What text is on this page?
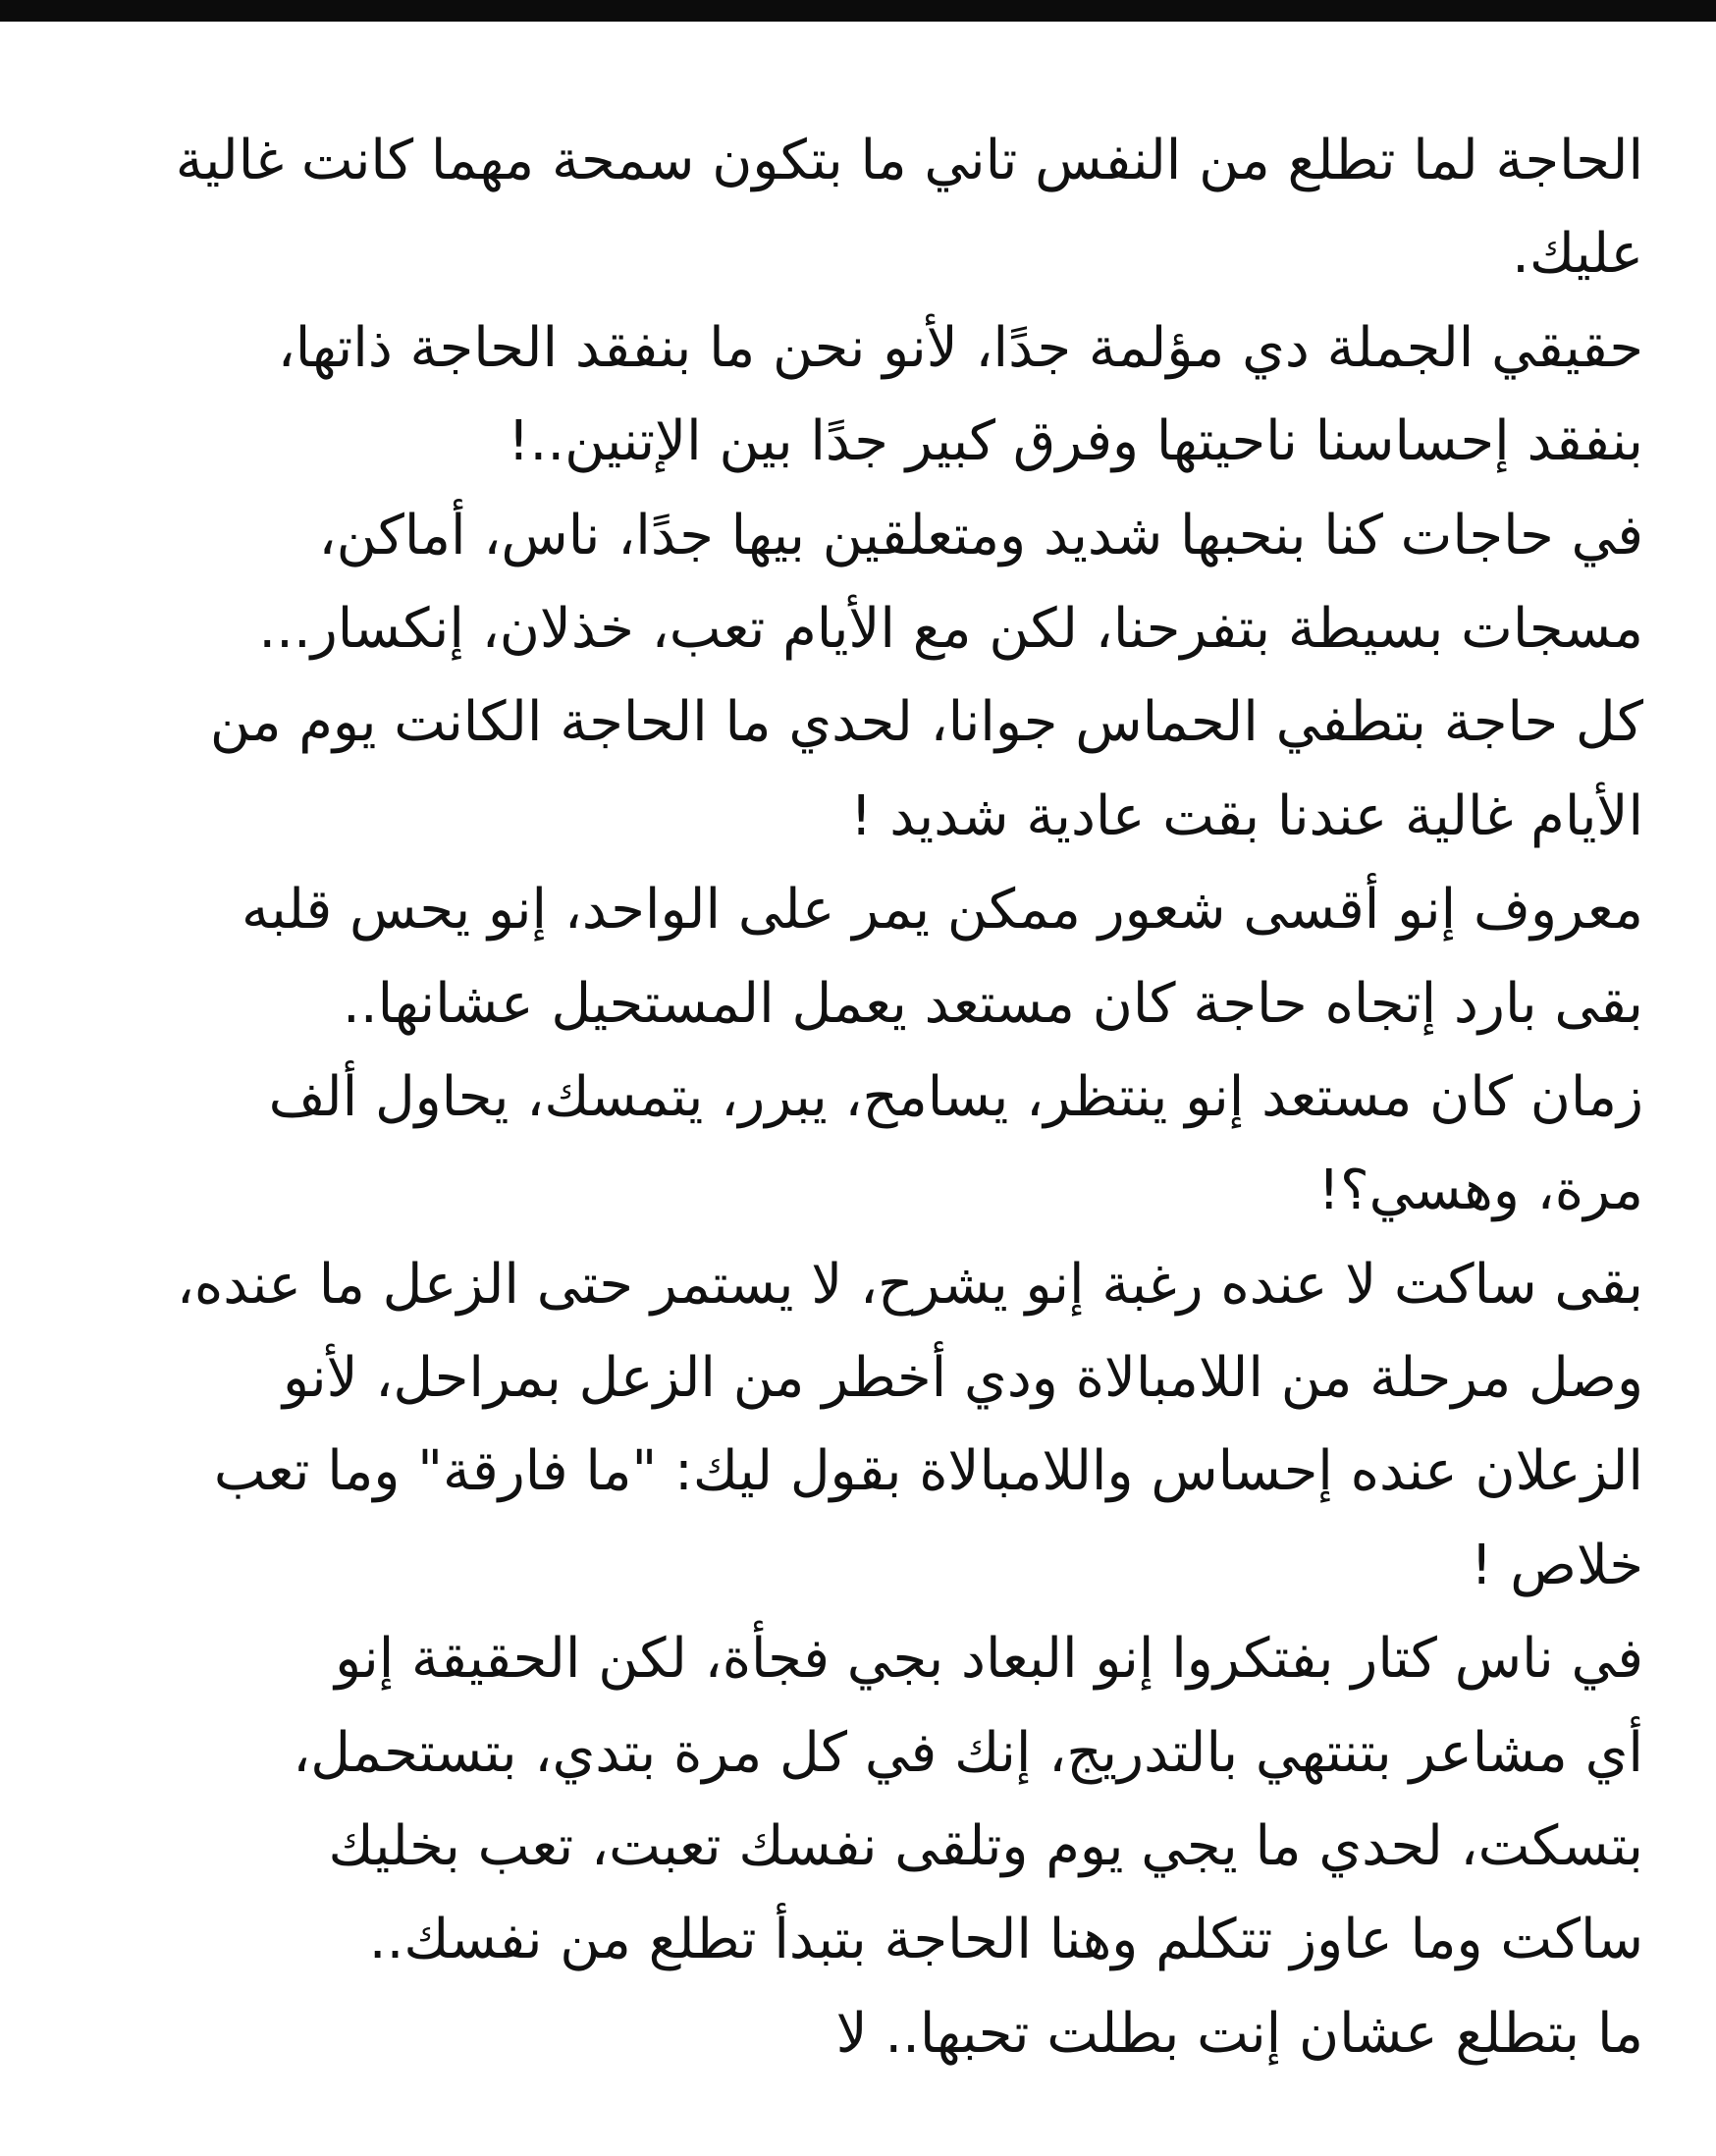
الحاجة لما تطلع من النفس تاني ما بتكون سمحة مهما كانت غالية
عليك.
حقيقي الجملة دي مؤلمة جدًا، لأنو نحن ما بنفقد الحاجة ذاتها،
بنفقد إحساسنا ناحيتها وفرق كبير جدًا بين الإتنين..!
في حاجات كنا بنحبها شديد ومتعلقين بيها جدًا، ناس، أماكن،
مسجات بسيطة بتفرحنا، لكن مع الأيام تعب، خذلان، إنكسار...
كل حاجة بتطفي الحماس جوانا، لحدي ما الحاجة الكانت يوم من
الأيام غالية عندنا بقت عادية شديد !
معروف إنو أقسى شعور ممكن يمر على الواحد، إنو يحس قلبه
بقى بارد إتجاه حاجة كان مستعد يعمل المستحيل عشانها..
زمان كان مستعد إنو ينتظر، يسامح، يبرر، يتمسك، يحاول ألف
مرة، وهسي؟!
بقى ساكت لا عنده رغبة إنو يشرح، لا يستمر حتى الزعل ما عنده،
وصل مرحلة من اللامبالاة ودي أخطر من الزعل بمراحل، لأنو
الزعلان عنده إحساس واللامبالاة بقول ليك: "ما فارقة" وما تعب
خلاص !
في ناس كتار بفتكروا إنو البعاد بجي فجأة، لكن الحقيقة إنو
أي مشاعر بتنتهي بالتدريج، إنك في كل مرة بتدي، بتستحمل،
بتسكت، لحدي ما يجي يوم وتلقى نفسك تعبت، تعب بخليك
ساكت وما عاوز تتكلم وهنا الحاجة بتبدأ تطلع من نفسك..
ما بتطلع عشان إنت بطلت تحبها.. لا
